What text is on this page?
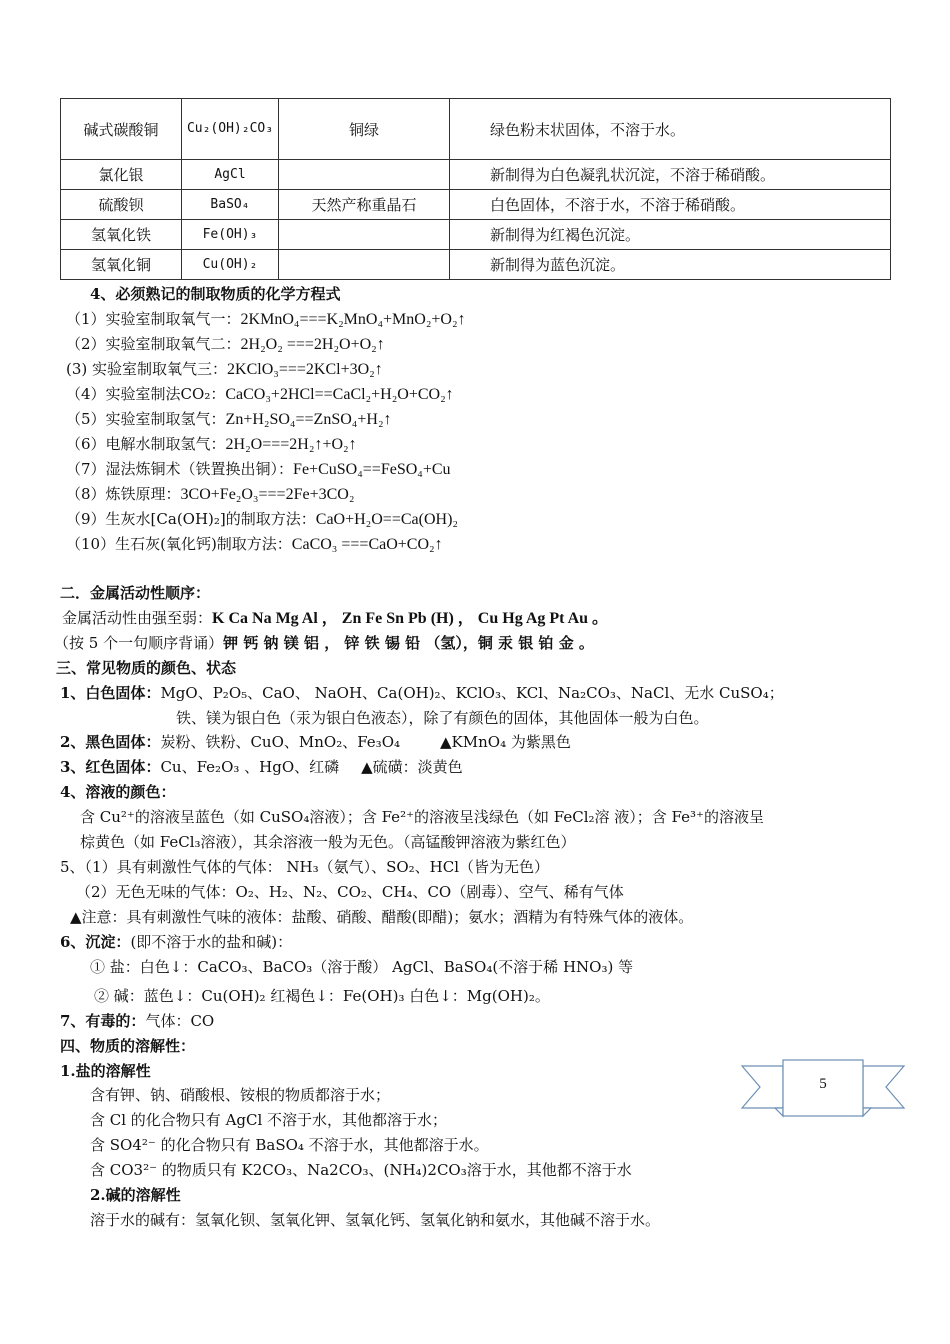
碱式碳酸铜	Cu₂(OH)₂CO₃	铜绿	绿色粉末状固体，不溶于水。
氯化银	AgCl		新制得为白色凝乳状沉淀，不溶于稀硝酸。
硫酸钡	BaSO₄	天然产称重晶石	白色固体，不溶于水，不溶于稀硝酸。
氢氧化铁	Fe(OH)₃		新制得为红褐色沉淀。
氢氧化铜	Cu(OH)₂		新制得为蓝色沉淀。
4、必须熟记的制取物质的化学方程式
（1）实验室制取氧气一：2KMnO₄===K₂MnO₄+MnO₂+O₂↑
（2）实验室制取氧气二：2H₂O₂ ===2H₂O+O₂↑
(3) 实验室制取氧气三：2KClO₃===2KCl+3O₂↑
（4）实验室制法CO₂：CaCO₃+2HCl==CaCl₂+H₂O+CO₂↑
（5）实验室制取氢气：Zn+H₂SO₄==ZnSO₄+H₂↑
（6）电解水制取氢气：2H₂O===2H₂↑+O₂↑
（7）湿法炼铜术（铁置换出铜）：Fe+CuSO₄==FeSO₄+Cu
（8）炼铁原理：3CO+Fe₂O₃===2Fe+3CO₂
（9）生灰水[Ca(OH)₂]的制取方法：CaO+H₂O==Ca(OH)₂
（10）生石灰(氧化钙)制取方法：CaCO₃ ===CaO+CO₂↑
二．金属活动性顺序：
金属活动性由强至弱：K Ca Na Mg Al ， Zn Fe Sn Pb (H) ， Cu Hg Ag Pt Au 。
（按 5 个一句顺序背诵）钾 钙 钠 镁 铝 ， 锌 铁 锡 铅 （氢），铜 汞 银 铂 金 。
三、常见物质的颜色、状态
1、白色固体：MgO、P₂O₅、CaO、 NaOH、Ca(OH)₂、KClO₃、KCl、Na₂CO₃、NaCl、无水 CuSO₄；
铁、镁为银白色（汞为银白色液态），除了有颜色的固体，其他固体一般为白色。
2、黑色固体：炭粉、铁粉、CuO、MnO₂、Fe₃O₄	▲KMnO₄ 为紫黑色
3、红色固体：Cu、Fe₂O₃ 、HgO、红磷 ▲硫磺：淡黄色
4、溶液的颜色：
含 Cu²⁺的溶液呈蓝色（如 CuSO₄溶液）；含 Fe²⁺的溶液呈浅绿色（如 FeCl₂溶 液）；含 Fe³⁺的溶液呈
棕黄色（如 FeCl₃溶液），其余溶液一般为无色。（高锰酸钾溶液为紫红色）
5、（1）具有刺激性气体的气体： NH₃（氨气）、SO₂、HCl（皆为无色）
（2）无色无味的气体：O₂、H₂、N₂、CO₂、CH₄、CO（剧毒）、空气、稀有气体
▲注意：具有刺激性气味的液体：盐酸、硝酸、醋酸(即醋)；氨水；酒精为有特殊气体的液体。
6、沉淀：(即不溶于水的盐和碱)：
① 盐：白色↓：CaCO₃、BaCO₃（溶于酸） AgCl、BaSO₄(不溶于稀 HNO₃) 等
② 碱：蓝色↓：Cu(OH)₂ 红褐色↓：Fe(OH)₃ 白色↓：Mg(OH)₂。
7、有毒的：气体：CO
四、物质的溶解性：
1.盐的溶解性
含有钾、钠、硝酸根、铵根的物质都溶于水；
含 Cl 的化合物只有 AgCl 不溶于水，其他都溶于水；
含 SO4²⁻ 的化合物只有 BaSO₄ 不溶于水，其他都溶于水。
含 CO3²⁻ 的物质只有 K2CO₃、Na2CO₃、(NH₄)2CO₃溶于水，其他都不溶于水
2.碱的溶解性
溶于水的碱有：氢氧化钡、氢氧化钾、氢氧化钙、氢氧化钠和氨水，其他碱不溶于水。
5
